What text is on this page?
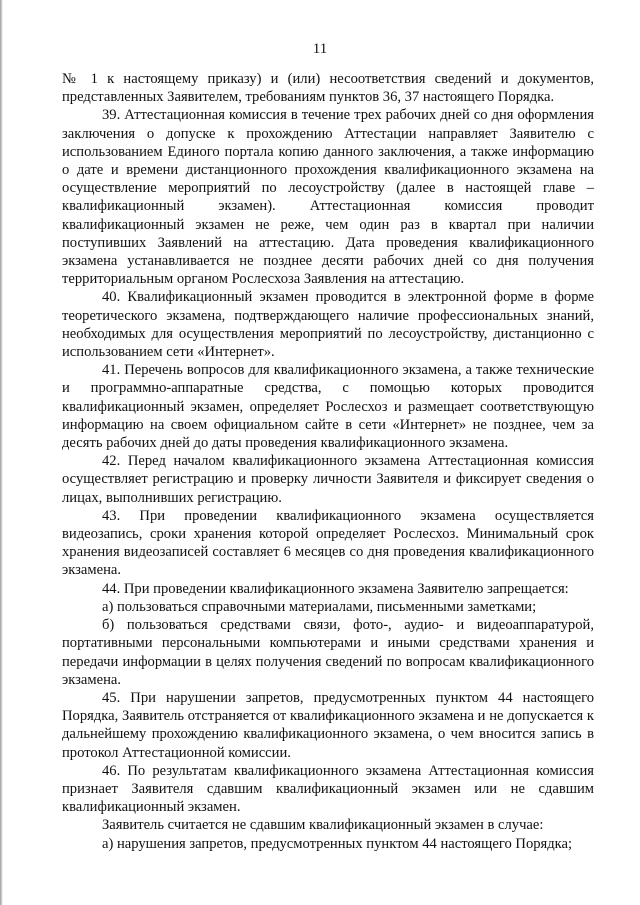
11

№ 1 к настоящему приказу) и (или) несоответствия сведений и документов, представленных Заявителем, требованиям пунктов 36, 37 настоящего Порядка.

39. Аттестационная комиссия в течение трех рабочих дней со дня оформления заключения о допуске к прохождению Аттестации направляет Заявителю с использованием Единого портала копию данного заключения, а также информацию о дате и времени дистанционного прохождения квалификационного экзамена на осуществление мероприятий по лесоустройству (далее в настоящей главе – квалификационный экзамен). Аттестационная комиссия проводит квалификационный экзамен не реже, чем один раз в квартал при наличии поступивших Заявлений на аттестацию. Дата проведения квалификационного экзамена устанавливается не позднее десяти рабочих дней со дня получения территориальным органом Рослесхоза Заявления на аттестацию.

40. Квалификационный экзамен проводится в электронной форме в форме теоретического экзамена, подтверждающего наличие профессиональных знаний, необходимых для осуществления мероприятий по лесоустройству, дистанционно с использованием сети «Интернет».

41. Перечень вопросов для квалификационного экзамена, а также технические и программно-аппаратные средства, с помощью которых проводится квалификационный экзамен, определяет Рослесхоз и размещает соответствующую информацию на своем официальном сайте в сети «Интернет» не позднее, чем за десять рабочих дней до даты проведения квалификационного экзамена.

42. Перед началом квалификационного экзамена Аттестационная комиссия осуществляет регистрацию и проверку личности Заявителя и фиксирует сведения о лицах, выполнивших регистрацию.

43. При проведении квалификационного экзамена осуществляется видеозапись, сроки хранения которой определяет Рослесхоз. Минимальный срок хранения видеозаписей составляет 6 месяцев со дня проведения квалификационного экзамена.

44. При проведении квалификационного экзамена Заявителю запрещается:

а) пользоваться справочными материалами, письменными заметками;

б) пользоваться средствами связи, фото-, аудио- и видеоаппаратурой, портативными персональными компьютерами и иными средствами хранения и передачи информации в целях получения сведений по вопросам квалификационного экзамена.

45. При нарушении запретов, предусмотренных пунктом 44 настоящего Порядка, Заявитель отстраняется от квалификационного экзамена и не допускается к дальнейшему прохождению квалификационного экзамена, о чем вносится запись в протокол Аттестационной комиссии.

46. По результатам квалификационного экзамена Аттестационная комиссия признает Заявителя сдавшим квалификационный экзамен или не сдавшим квалификационный экзамен.

Заявитель считается не сдавшим квалификационный экзамен в случае:

а) нарушения запретов, предусмотренных пунктом 44 настоящего Порядка;
